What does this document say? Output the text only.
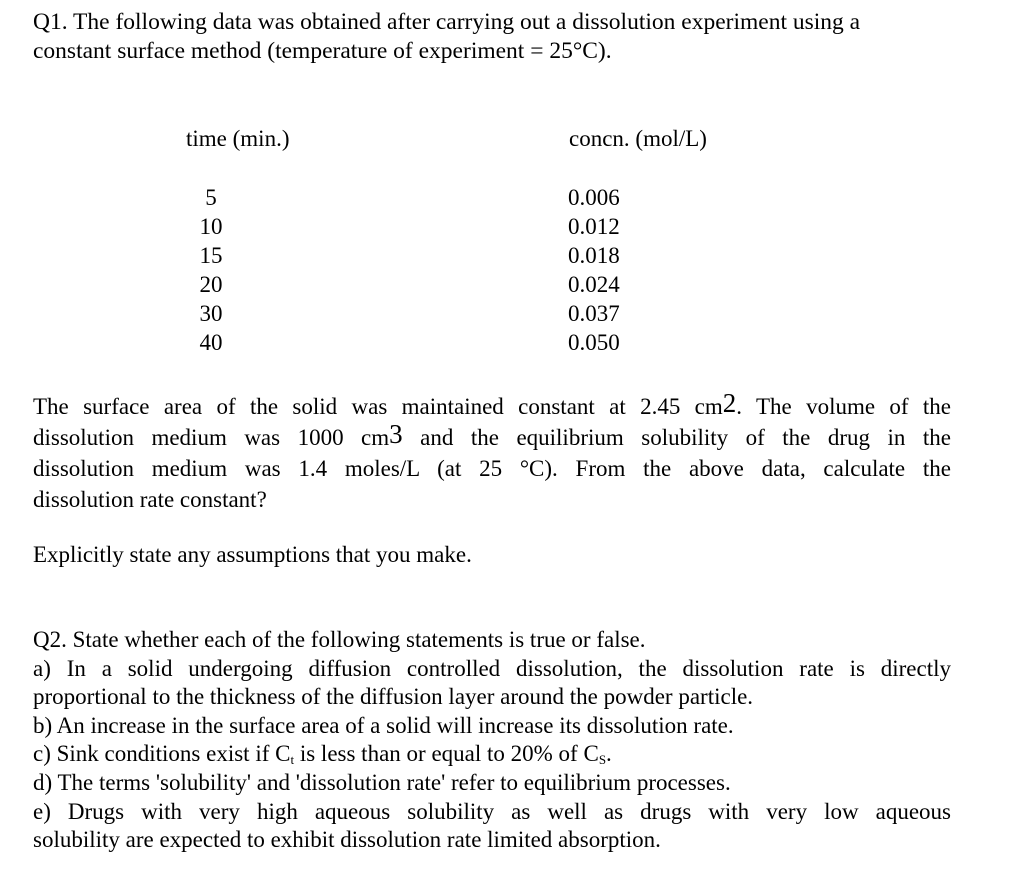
Q1. The following data was obtained after carrying out a dissolution experiment using a
constant surface method (temperature of experiment = 25°C).
time (min.)	concn. (mol/L)
5
10
15
20
30
40
0.006
0.012
0.018
0.024
0.037
0.050
The surface area of the solid was maintained constant at 2.45 $cm^2$. The volume of the
dissolution medium was 1000 $cm^3$ and the equilibrium solubility of the drug in the
dissolution medium was 1.4 moles/L (at 25 °C). From the above data, calculate the
dissolution rate constant?

Explicitly state any assumptions that you make.

Q2. State whether each of the following statements is true or false.
a) In a solid undergoing diffusion controlled dissolution, the dissolution rate is directly
proportional to the thickness of the diffusion layer around the powder particle.
b) An increase in the surface area of a solid will increase its dissolution rate.
c) Sink conditions exist if $C_t$ is less than or equal to 20% of $C_S$.
d) The terms 'solubility' and 'dissolution rate' refer to equilibrium processes.
e) Drugs with very high aqueous solubility as well as drugs with very low aqueous
solubility are expected to exhibit dissolution rate limited absorption.
